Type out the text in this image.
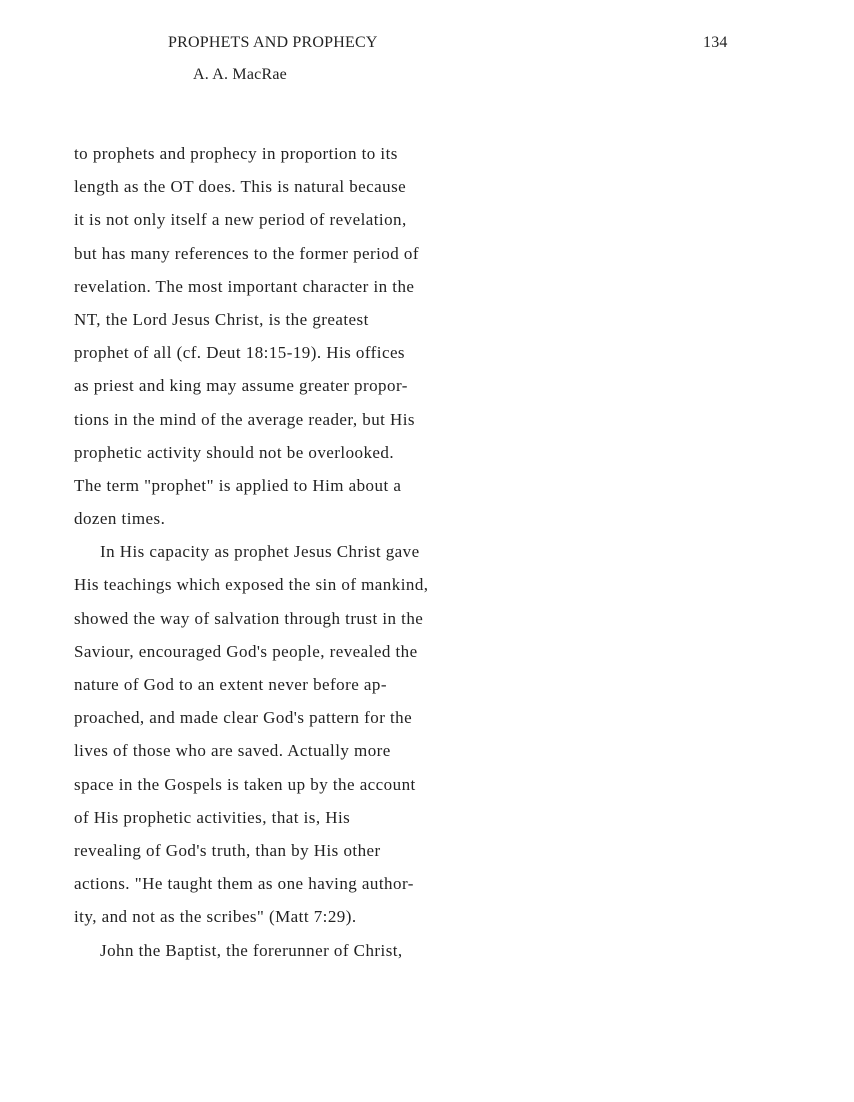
PROPHETS AND PROPHECY
A. A. MacRae
134
to prophets and prophecy in proportion to its
length as the OT does. This is natural because
it is not only itself a new period of revelation,
but has many references to the former period of
revelation. The most important character in the
NT, the Lord Jesus Christ, is the greatest
prophet of all (cf. Deut 18:15-19). His offices
as priest and king may assume greater propor-
tions in the mind of the average reader, but His
prophetic activity should not be overlooked.
The term "prophet" is applied to Him about a
dozen times.
In His capacity as prophet Jesus Christ gave
His teachings which exposed the sin of mankind,
showed the way of salvation through trust in the
Saviour, encouraged God's people, revealed the
nature of God to an extent never before ap-
proached, and made clear God's pattern for the
lives of those who are saved. Actually more
space in the Gospels is taken up by the account
of His prophetic activities, that is, His
revealing of God's truth, than by His other
actions. "He taught them as one having author-
ity, and not as the scribes" (Matt 7:29).
John the Baptist, the forerunner of Christ,
